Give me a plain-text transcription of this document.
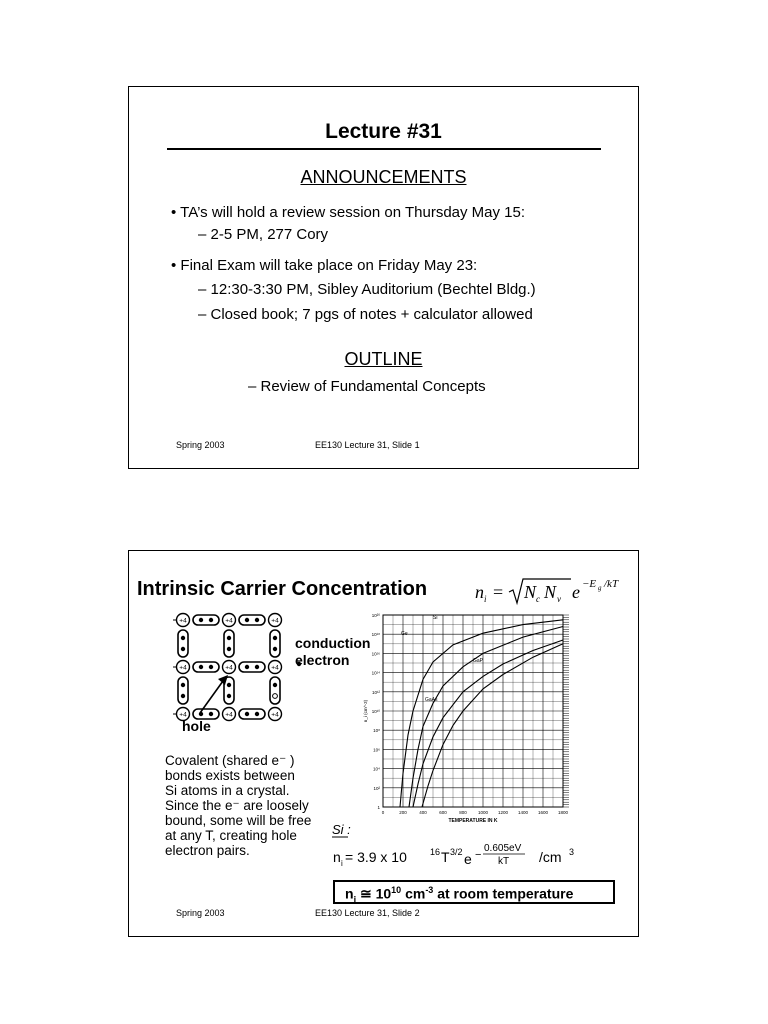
Lecture #31
ANNOUNCEMENTS
• TA’s will hold a review session on Thursday May 15:
– 2-5 PM, 277 Cory
• Final Exam will take place on Friday May 23:
– 12:30-3:30 PM, Sibley Auditorium (Bechtel Bldg.)
– Closed book; 7 pgs of notes + calculator allowed
OUTLINE
– Review of Fundamental Concepts
Spring 2003	EE130 Lecture 31, Slide 1
Intrinsic Carrier Concentration	n i = N c N v e −E g /kT
+4	+4	+4
+4	+4	+4
+4	+4	+4
conduction
electron
hole
Covalent (shared e⁻ )
bonds exists between
Si atoms in a crystal.
Since the e⁻ are loosely
bound, some will be free
at any T, creating hole
electron pairs.
0	200	400	600	800 1000 1200 1400 1600 1800
1
10²
10⁴
10⁶
10⁸
10¹⁰
10¹²
10¹⁴
10¹⁶
10¹⁸
10²⁰
TEMPERATURE IN K
n_i (cm^-3)
Ge
Si
GaP
GaAs
Si :
n i = 3.9 x 10	16 T 3/2 e −
0.605eV
kT /cm 3
$n_i$ ≅ $10^{10}$ $cm^{-3}$ at room temperature
Spring 2003	EE130 Lecture 31, Slide 2
